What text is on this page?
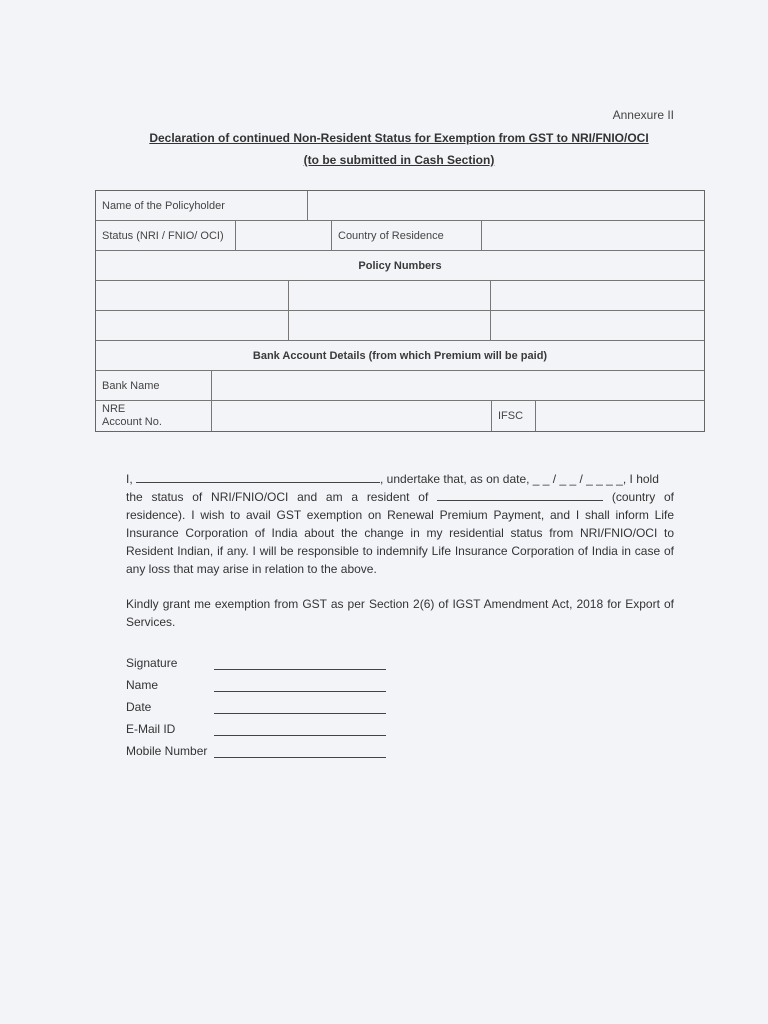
Annexure II
Declaration of continued Non-Resident Status for Exemption from GST to NRI/FNIO/OCI
(to be submitted in Cash Section)
Name of the Policyholder
Status (NRI / FNIO/ OCI)	Country of Residence
Policy Numbers
Bank Account Details (from which Premium will be paid)
Bank Name
NRE
Account No.	IFSC
I,	, undertake that, as on date, _ _ / _ _ / _ _ _ _, I hold
the status of NRI/FNIO/OCI and am a resident of	(country of residence). I wish to avail GST exemption on Renewal Premium Payment, and I shall inform Life Insurance Corporation of India about the change in my residential status from NRI/FNIO/OCI to Resident Indian, if any. I will be responsible to indemnify Life Insurance Corporation of India in case of any loss that may arise in relation to the above.
Kindly grant me exemption from GST as per Section 2(6) of IGST Amendment Act, 2018 for Export of Services.
Signature
Name
Date
E-Mail ID
Mobile Number
